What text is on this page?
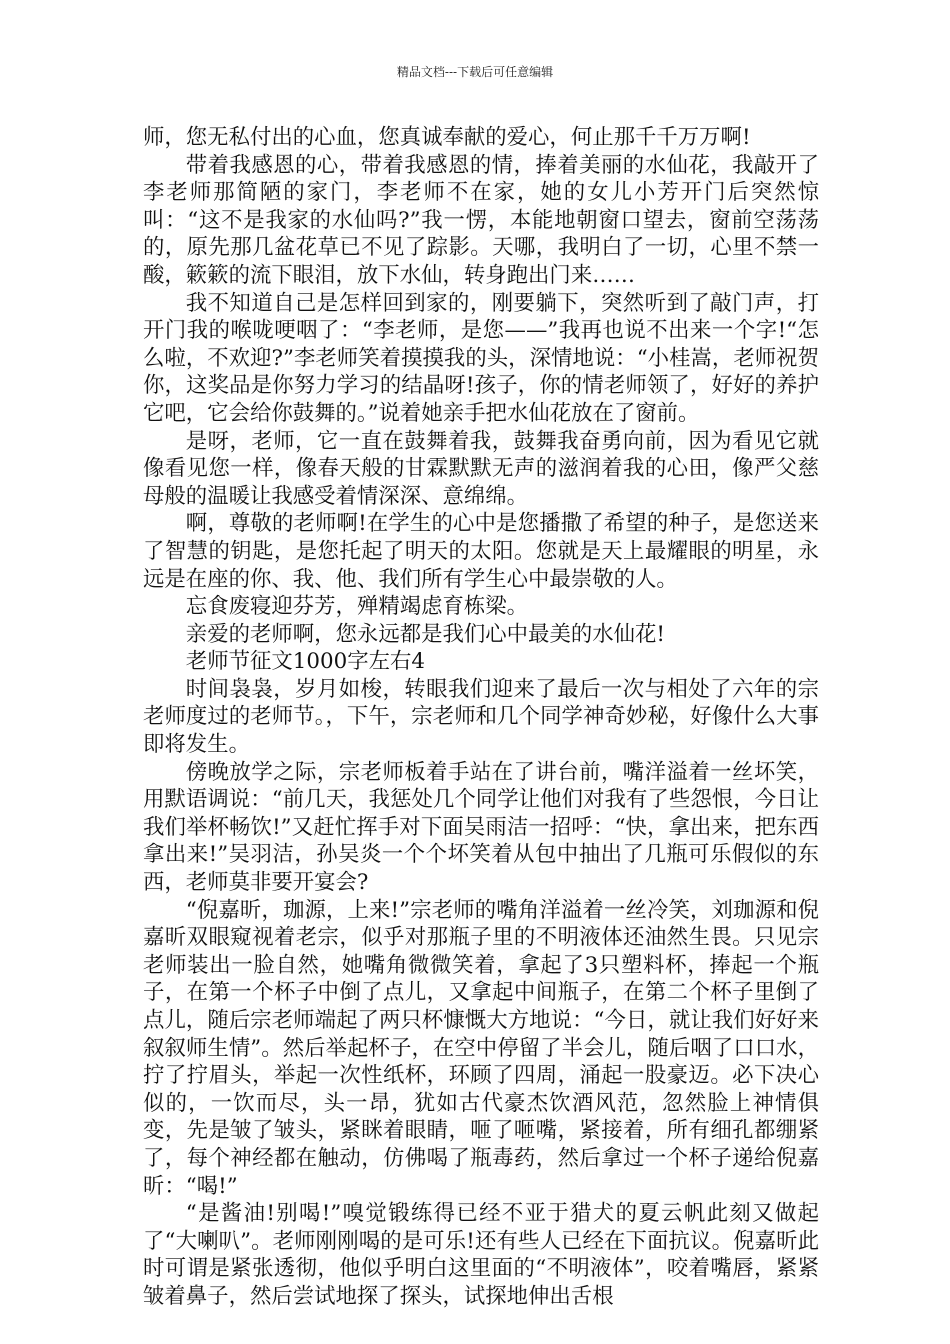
精品文档---下载后可任意编辑

师，您无私付出的心血，您真诚奉献的爱心，何止那千千万万啊!

带着我感恩的心，带着我感恩的情，捧着美丽的水仙花，我敲开了李老师那简陋的家门，李老师不在家，她的女儿小芳开门后突然惊叫：“这不是我家的水仙吗?”我一愣，本能地朝窗口望去，窗前空荡荡的，原先那几盆花草已不见了踪影。天哪，我明白了一切，心里不禁一酸，簌簌的流下眼泪，放下水仙，转身跑出门来……

我不知道自己是怎样回到家的，刚要躺下，突然听到了敲门声，打开门我的喉咙哽咽了：“李老师，是您——”我再也说不出来一个字!“怎么啦，不欢迎?”李老师笑着摸摸我的头，深情地说：“小桂嵩，老师祝贺你，这奖品是你努力学习的结晶呀!孩子，你的情老师领了，好好的养护它吧，它会给你鼓舞的。”说着她亲手把水仙花放在了窗前。

是呀，老师，它一直在鼓舞着我，鼓舞我奋勇向前，因为看见它就像看见您一样，像春天般的甘霖默默无声的滋润着我的心田，像严父慈母般的温暖让我感受着情深深、意绵绵。

啊，尊敬的老师啊!在学生的心中是您播撒了希望的种子，是您送来了智慧的钥匙，是您托起了明天的太阳。您就是天上最耀眼的明星，永远是在座的你、我、他、我们所有学生心中最崇敬的人。

忘食废寝迎芬芳，殚精竭虑育栋梁。

亲爱的老师啊，您永远都是我们心中最美的水仙花!

老师节征文1000字左右4

时间袅袅，岁月如梭，转眼我们迎来了最后一次与相处了六年的宗老师度过的老师节。，下午，宗老师和几个同学神奇妙秘，好像什么大事即将发生。

傍晚放学之际，宗老师板着手站在了讲台前，嘴洋溢着一丝坏笑，用默语调说：“前几天，我惩处几个同学让他们对我有了些怨恨，今日让我们举杯畅饮!”又赶忙挥手对下面吴雨洁一招呼：“快，拿出来，把东西拿出来!”吴羽洁，孙吴炎一个个坏笑着从包中抽出了几瓶可乐假似的东西，老师莫非要开宴会?

“倪嘉昕，珈源，上来!”宗老师的嘴角洋溢着一丝冷笑，刘珈源和倪嘉昕双眼窥视着老宗，似乎对那瓶子里的不明液体还油然生畏。只见宗老师装出一脸自然，她嘴角微微笑着，拿起了3只塑料杯，捧起一个瓶子，在第一个杯子中倒了点儿，又拿起中间瓶子，在第二个杯子里倒了点儿，随后宗老师端起了两只杯慷慨大方地说：“今日，就让我们好好来叙叙师生情”。然后举起杯子，在空中停留了半会儿，随后咽了口口水，拧了拧眉头，举起一次性纸杯，环顾了四周，涌起一股豪迈。必下决心似的，一饮而尽，头一昂，犹如古代豪杰饮酒风范，忽然脸上神情俱变，先是皱了皱头，紧眯着眼睛，咂了咂嘴，紧接着，所有细孔都绷紧了，每个神经都在触动，仿佛喝了瓶毒药，然后拿过一个杯子递给倪嘉昕：“喝!”

“是酱油!别喝!”嗅觉锻练得已经不亚于猎犬的夏云帆此刻又做起了“大喇叭”。老师刚刚喝的是可乐!还有些人已经在下面抗议。倪嘉昕此时可谓是紧张透彻，他似乎明白这里面的“不明液体”，咬着嘴唇，紧紧皱着鼻子，然后尝试地探了探头，试探地伸出舌根
